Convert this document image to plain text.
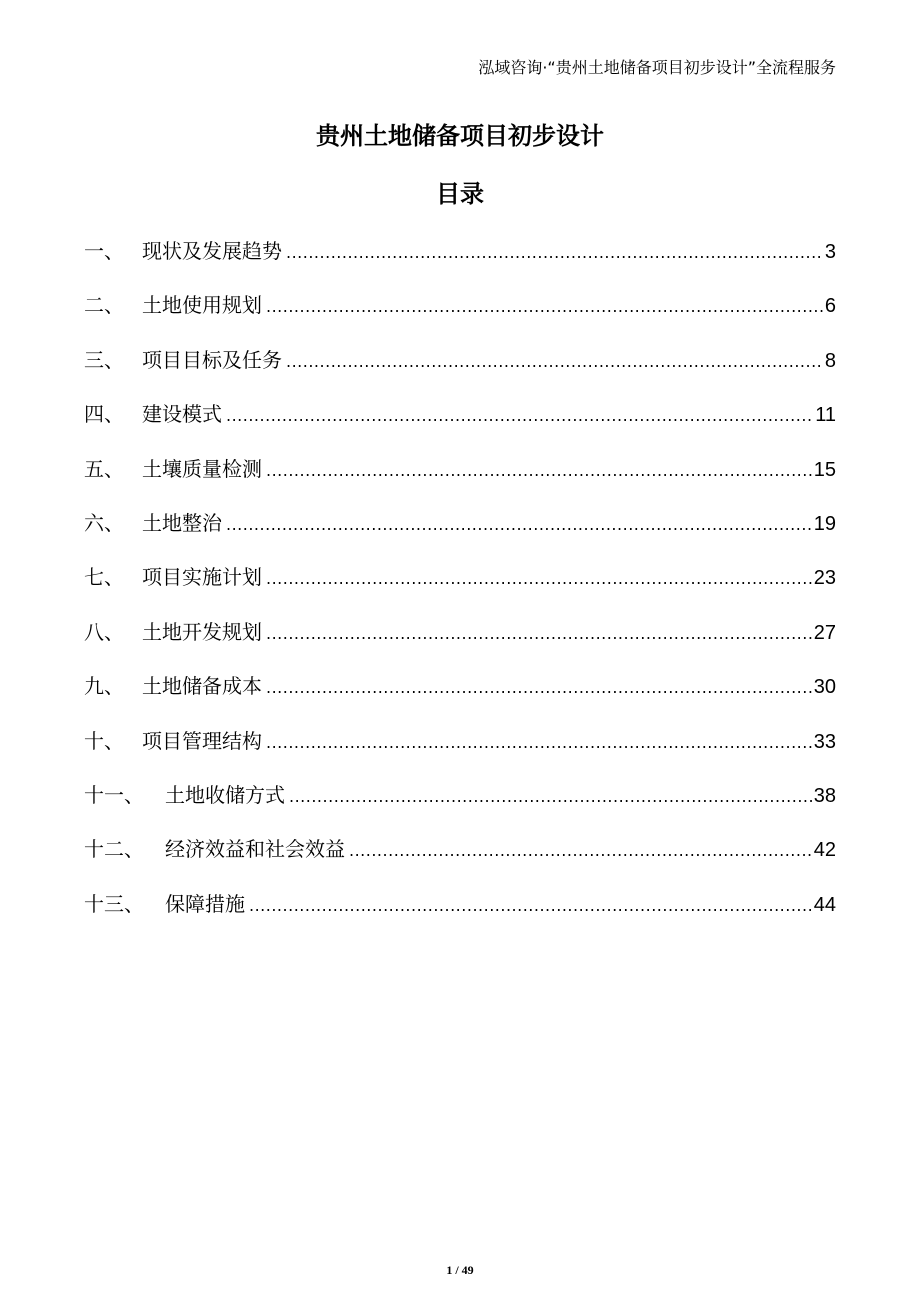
泓域咨询·“贵州土地储备项目初步设计”全流程服务
贵州土地储备项目初步设计
目录
一、 现状及发展趋势 .....	3
二、 土地使用规划 .....	6
三、 项目目标及任务 .....	8
四、 建设模式 .....	11
五、 土壤质量检测 .....	15
六、 土地整治 .....	19
七、 项目实施计划 .....	23
八、 土地开发规划 .....	27
九、 土地储备成本 .....	30
十、 项目管理结构 .....	33
十一、	土地收储方式 .....	38
十二、	经济效益和社会效益 .....	42
十三、	保障措施 .....	44
1 / 49
